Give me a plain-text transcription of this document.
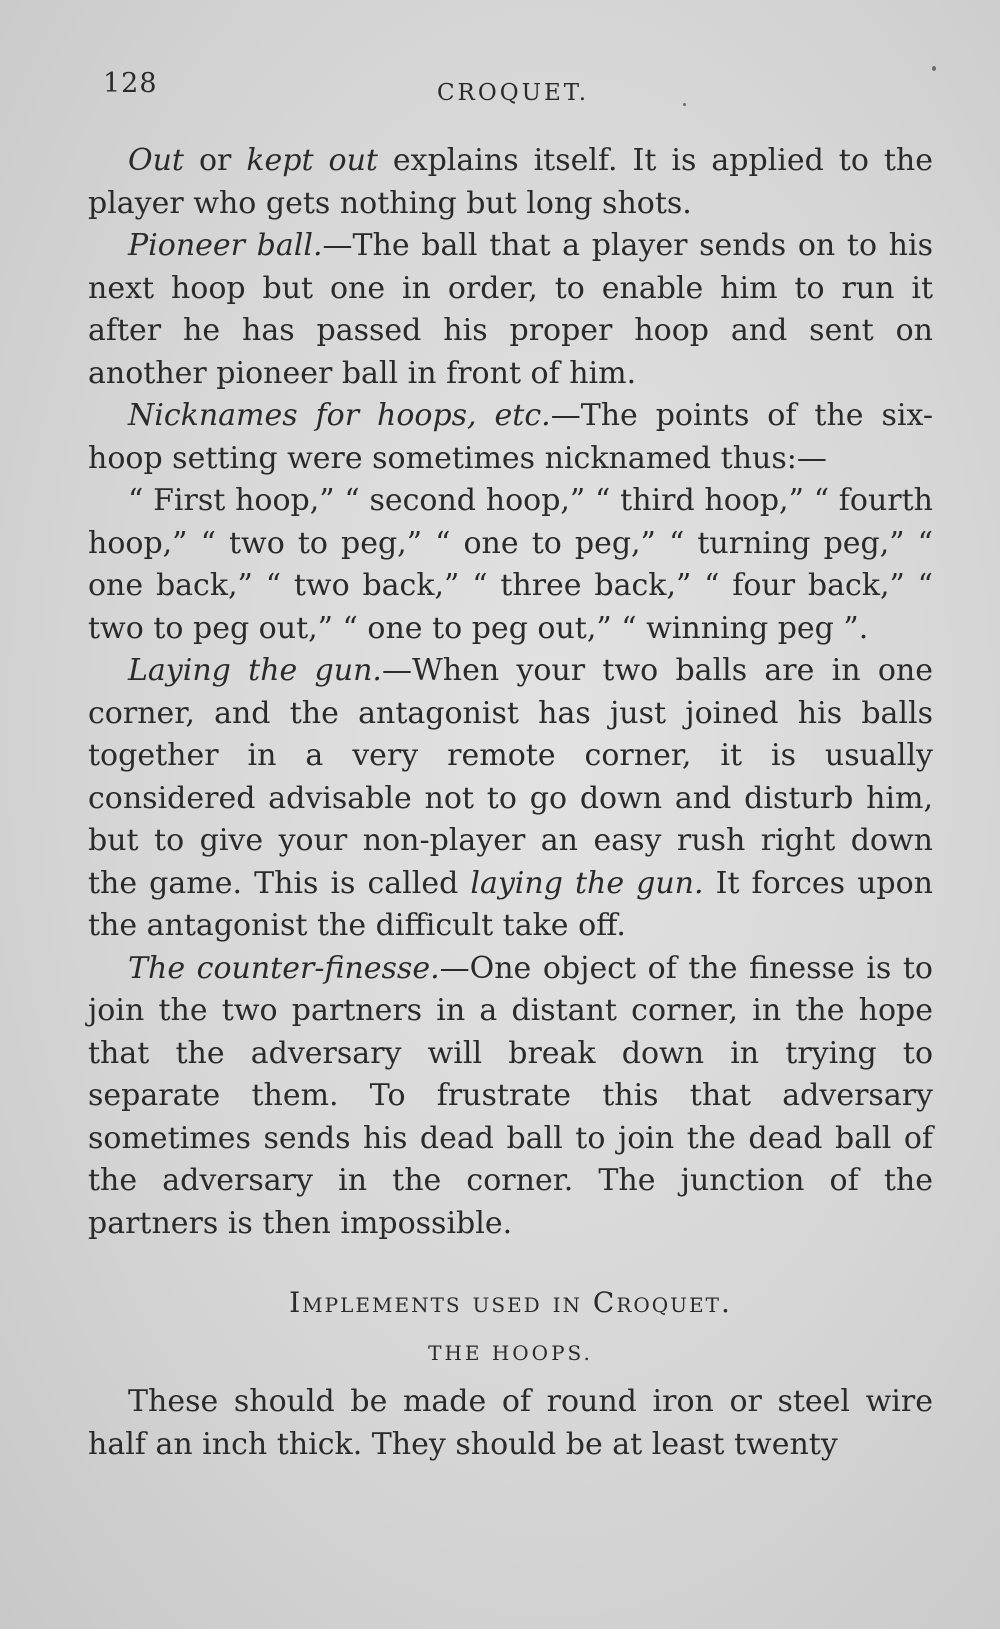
128	CROQUET.

Out or kept out explains itself. It is applied to the player who gets nothing but long shots.

Pioneer ball.—The ball that a player sends on to his next hoop but one in order, to enable him to run it after he has passed his proper hoop and sent on another pioneer ball in front of him.

Nicknames for hoops, etc.—The points of the six-hoop setting were sometimes nicknamed thus:—

“ First hoop,” “ second hoop,” “ third hoop,” “ fourth hoop,” “ two to peg,” “ one to peg,” “ turning peg,” “ one back,” “ two back,” “ three back,” “ four back,” “ two to peg out,” “ one to peg out,” “ winning peg ”.

Laying the gun.—When your two balls are in one corner, and the antagonist has just joined his balls together in a very remote corner, it is usually considered advisable not to go down and disturb him, but to give your non-player an easy rush right down the game. This is called laying the gun. It forces upon the antagonist the difficult take off.

The counter-finesse.—One object of the finesse is to join the two partners in a distant corner, in the hope that the adversary will break down in trying to separate them. To frustrate this that adversary sometimes sends his dead ball to join the dead ball of the adversary in the corner. The junction of the partners is then impossible.

Implements used in Croquet.
THE HOOPS.

These should be made of round iron or steel wire half an inch thick. They should be at least twenty
